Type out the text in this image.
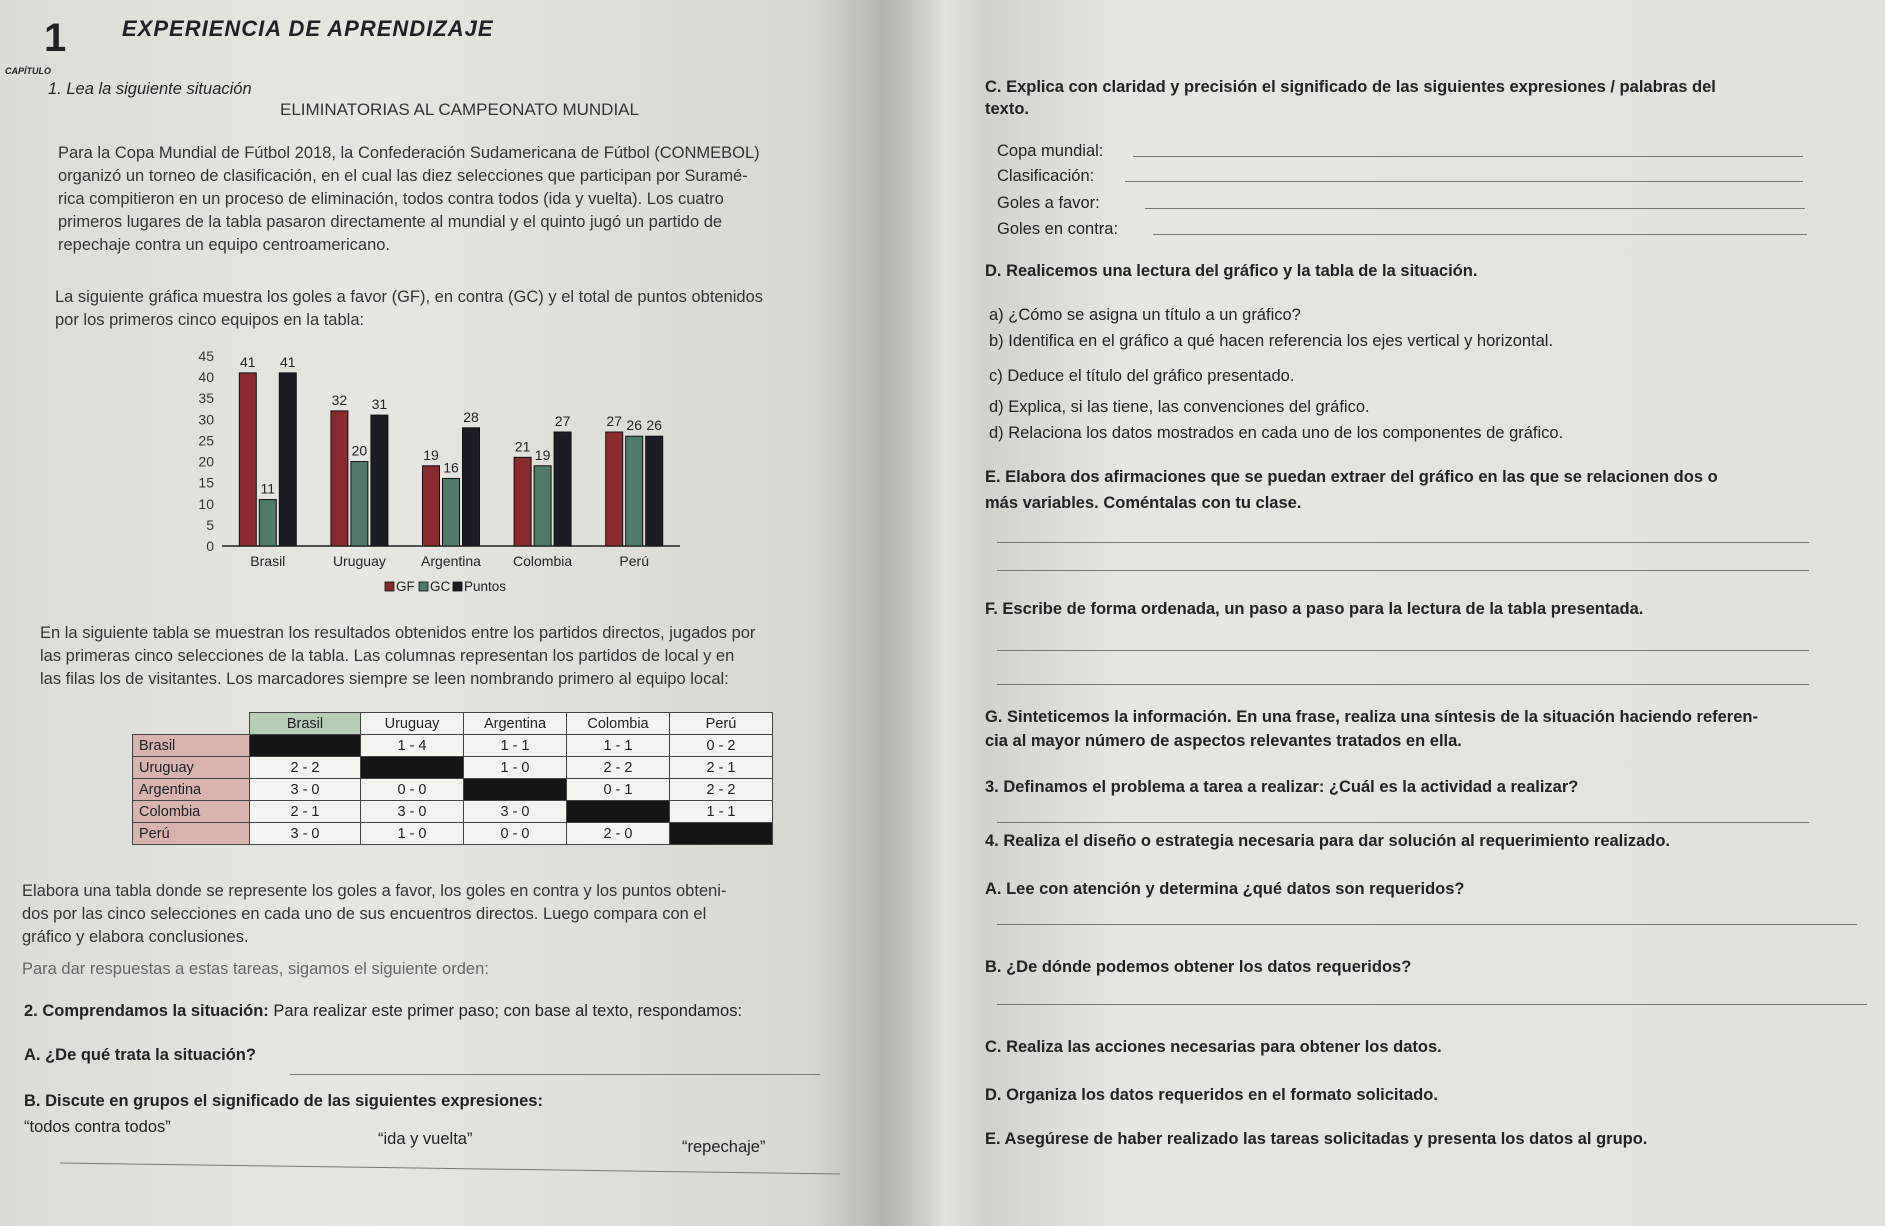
1
CAPÍTULO
EXPERIENCIA DE APRENDIZAJE
1. Lea la siguiente situación
ELIMINATORIAS AL CAMPEONATO MUNDIAL
Para la Copa Mundial de Fútbol 2018, la Confederación Sudamericana de Fútbol (CONMEBOL)
organizó un torneo de clasificación, en el cual las diez selecciones que participan por Suramé-
rica compitieron en un proceso de eliminación, todos contra todos (ida y vuelta). Los cuatro
primeros lugares de la tabla pasaron directamente al mundial y el quinto jugó un partido de
repechaje contra un equipo centroamericano.
La siguiente gráfica muestra los goles a favor (GF), en contra (GC) y el total de puntos obtenidos
por los primeros cinco equipos en la tabla:
0
5
10
15
20
25
30
35
40
45 41
11
41
Brasil
32
20
31
Uruguay
19
16
28
Argentina
21
19
27
Colombia
27 26 26
Perú
GF GC Puntos
En la siguiente tabla se muestran los resultados obtenidos entre los partidos directos, jugados por
las primeras cinco selecciones de la tabla. Las columnas representan los partidos de local y en
las filas los de visitantes. Los marcadores siempre se leen nombrando primero al equipo local:
	Brasil	Uruguay	Argentina	Colombia	Perú
Brasil		1 - 4	1 - 1	1 - 1	0 - 2
Uruguay	2 - 2		1 - 0	2 - 2	2 - 1
Argentina	3 - 0	0 - 0		0 - 1	2 - 2
Colombia	2 - 1	3 - 0	3 - 0		1 - 1
Perú	3 - 0	1 - 0	0 - 0	2 - 0	
Elabora una tabla donde se represente los goles a favor, los goles en contra y los puntos obteni-
dos por las cinco selecciones en cada uno de sus encuentros directos. Luego compara con el
gráfico y elabora conclusiones.
Para dar respuestas a estas tareas, sigamos el siguiente orden:
2. Comprendamos la situación: Para realizar este primer paso; con base al texto, respondamos:
A. ¿De qué trata la situación?
B. Discute en grupos el significado de las siguientes expresiones:
“todos contra todos”
“ida y vuelta”	“repechaje”
C. Explica con claridad y precisión el significado de las siguientes expresiones / palabras del
texto.
• Copa mundial:
• Clasificación:
• Goles a favor:
• Goles en contra:
D. Realicemos una lectura del gráfico y la tabla de la situación.
a) ¿Cómo se asigna un título a un gráfico?
b) Identifica en el gráfico a qué hacen referencia los ejes vertical y horizontal.
c) Deduce el título del gráfico presentado.
d) Explica, si las tiene, las convenciones del gráfico.
d) Relaciona los datos mostrados en cada uno de los componentes de gráfico.
E. Elabora dos afirmaciones que se puedan extraer del gráfico en las que se relacionen dos o
más variables. Coméntalas con tu clase.
F. Escribe de forma ordenada, un paso a paso para la lectura de la tabla presentada.
G. Sinteticemos la información. En una frase, realiza una síntesis de la situación haciendo referen-
cia al mayor número de aspectos relevantes tratados en ella.
3. Definamos el problema a tarea a realizar: ¿Cuál es la actividad a realizar?
4. Realiza el diseño o estrategia necesaria para dar solución al requerimiento realizado.
A. Lee con atención y determina ¿qué datos son requeridos?
B. ¿De dónde podemos obtener los datos requeridos?
C. Realiza las acciones necesarias para obtener los datos.
D. Organiza los datos requeridos en el formato solicitado.
E. Asegúrese de haber realizado las tareas solicitadas y presenta los datos al grupo.
